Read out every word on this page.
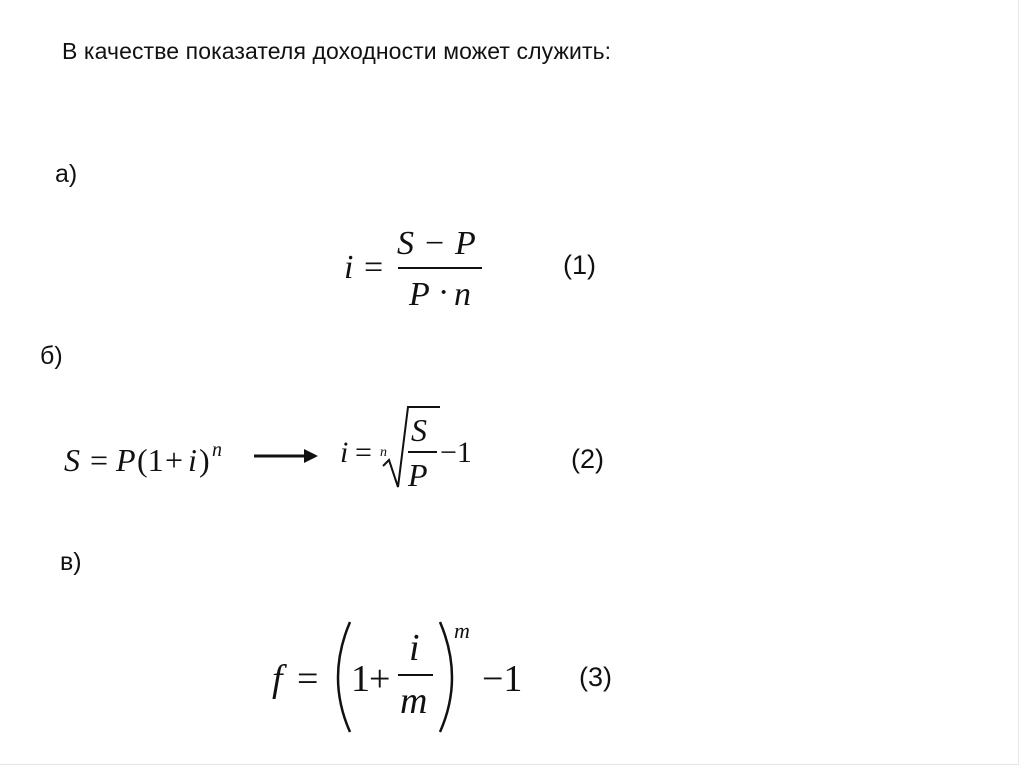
В качестве показателя доходности может служить:
а)
б)
в)
(1)
(2)
(3)
i =
S − P
P · n
S = P (1 + i ) n	i = n
S
P
−1
f = 1 +
i
m
m
−1
